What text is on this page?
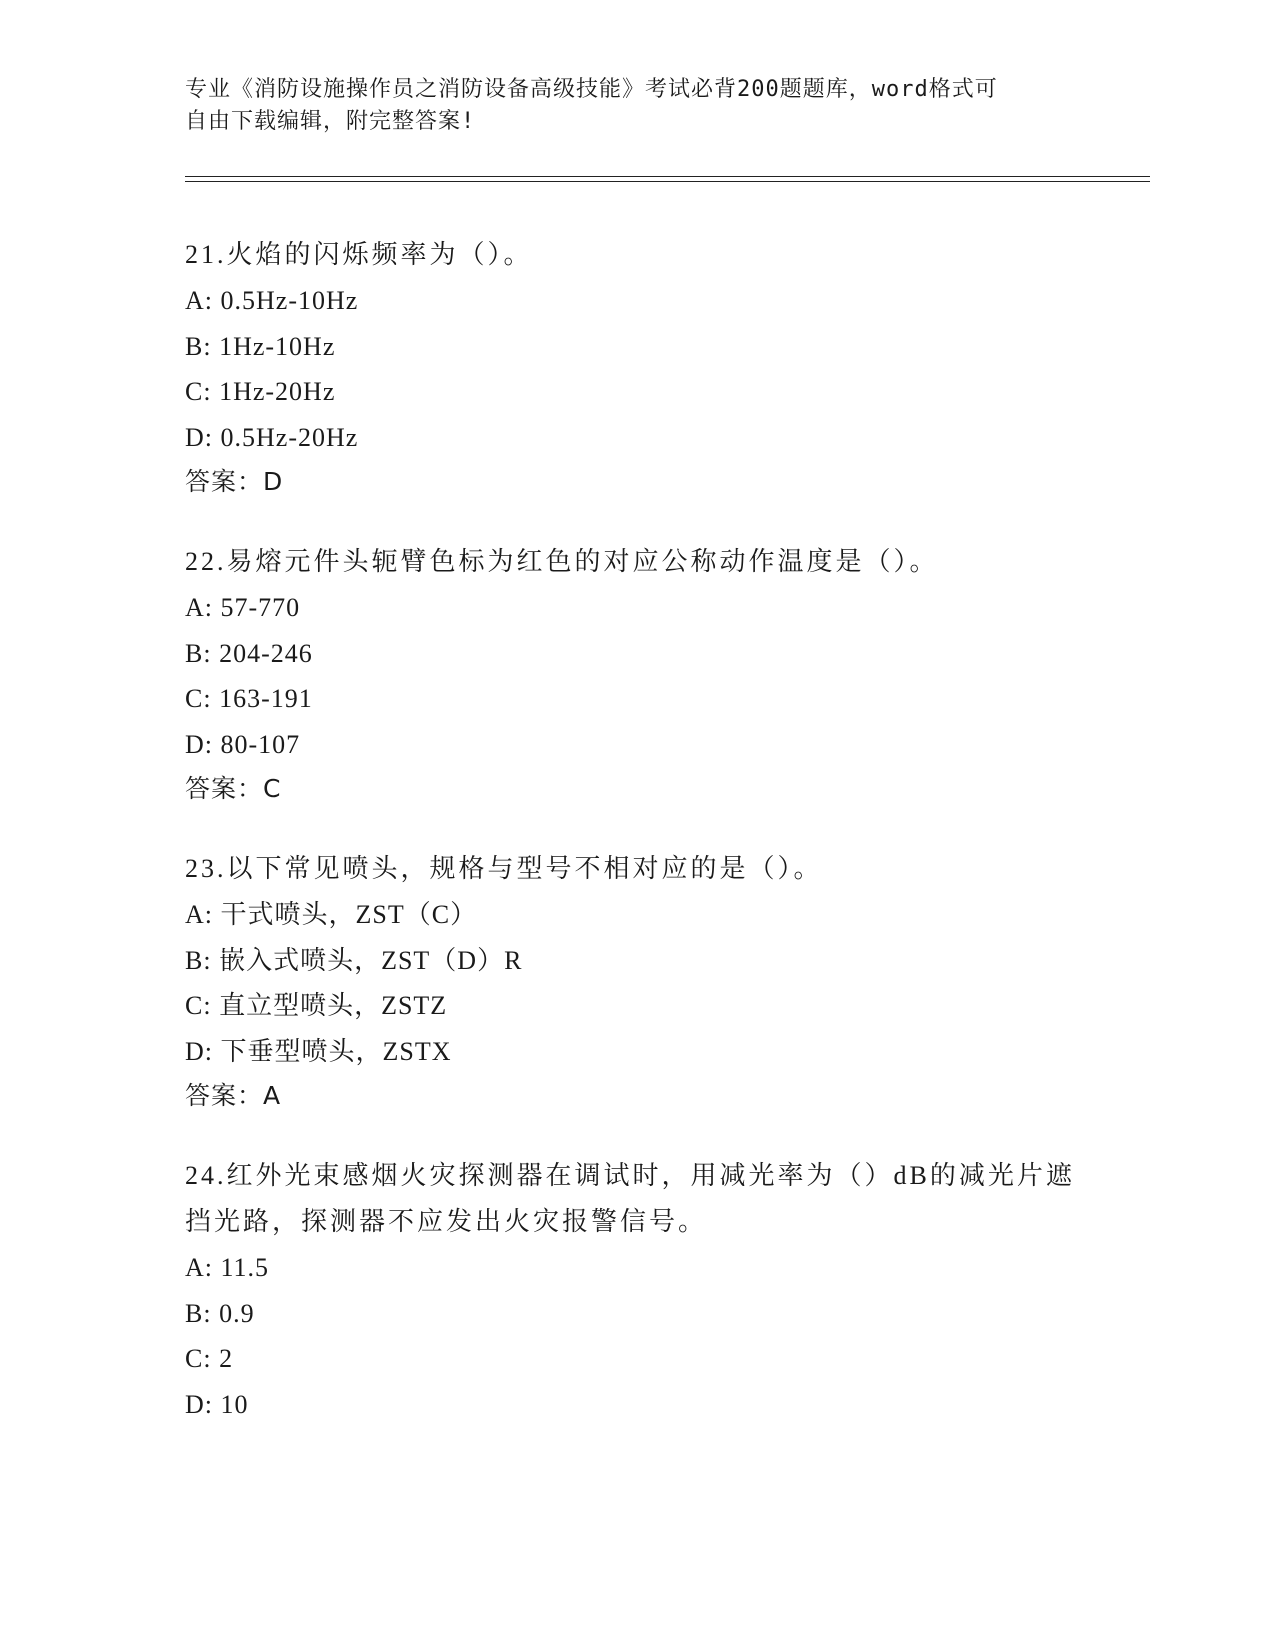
专业《消防设施操作员之消防设备高级技能》考试必背200题题库，word格式可
自由下载编辑，附完整答案!
21.火焰的闪烁频率为（）。
A: 0.5Hz-10Hz
B: 1Hz-10Hz
C: 1Hz-20Hz
D: 0.5Hz-20Hz
答案：D
22.易熔元件头轭臂色标为红色的对应公称动作温度是（）。
A: 57-770
B: 204-246
C: 163-191
D: 80-107
答案：C
23.以下常见喷头，规格与型号不相对应的是（）。
A: 干式喷头，ZST（C）
B: 嵌入式喷头，ZST（D）R
C: 直立型喷头，ZSTZ
D: 下垂型喷头，ZSTX
答案：A
24.红外光束感烟火灾探测器在调试时，用减光率为（）dB的减光片遮挡光路，探测器不应发出火灾报警信号。
A: 11.5
B: 0.9
C: 2
D: 10
